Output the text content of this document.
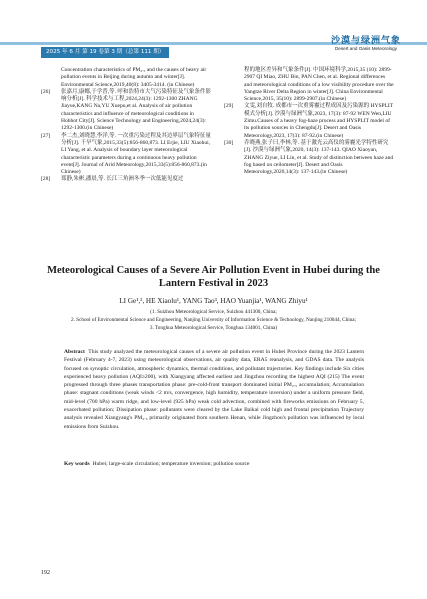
2025 年 6 月 第 19 卷第 3 期（总第 111 期）
沙漠与绿洲气象
Desert and Oasis Meteorology
Concentration characteristics of PM₂.₅ and the causes of heavy air pollution events in Beijing during autumn and winter[J]. Environmental Science,2019,40(8): 3405-3414. (in Chinese)
[26] 张嘉月,康娜,于学普,等. 呼和浩特市大气污染特征及气象条件影响分析[J]. 科学技术与工程,2024,24(3): 1292-1300 ZHANG Jiayue,KANG Na,YU Xuepu,et al. Analysis of air pollution characteristics and influence of meteorological conditions in Hohhot City[J]. Science Technology and Engineering,2024,24(3): 1292-1300.(in Chinese)
[27] 李二杰,刘晓慧,李洋,等. 一次重污染过程及其边界层气象特征量分析[J]. 干旱气象,2015,33(5):856-860,873. LI Erjie, LIU Xiaohui, LI Yang, et al. Analysis of boundary layer meteorological characteristic parameters during a continuous heavy pollution event[J]. Journal of Arid Meteorology,2015,33(5):856-860,873.(in Chinese)
[28] 郑静,朱彬,潘晨,等. 长江三角洲冬季一次低能见度过
程的地区差异和气象条件[J]. 中国环境科学,2015,35 (10): 2899-2907 QI Miao, ZHU Bin, PAN Chen, et al. Regional differences and meteorological conditions of a low visibility procedure over the Yangtze River Delta Region in winter[J]. China Environmental Science,2015, 35(10): 2899-2907.(in Chinese)
[29] 文雯,刘自牧. 成都市一次重雾霾过程成因及污染源的 HYSPLIT 模式分析[J]. 沙漠与绿洲气象,2023, 17(3): 87-92 WEN Wen,LIU Zimu.Causes of a heavy fog-haze process and HYSPLIT model of its pollution sources in Chengdu[J]. Desert and Oasis Meteorology,2023, 17(3): 87-92.(in Chinese)
[30] 乔晓燕,张子曰,李林,等. 基于激光云高仪的雾霾光学特性研究[J]. 沙漠与绿洲气象,2020, 14(3): 137-143. QIAO Xiaoyan, ZHANG Ziyue, LI Lin, et al. Study of distinction between haze and fog based on ceilometer[J]. Desert and Oasis Meteorology,2020,14(3): 137-143.(in Chinese)
Meteorological Causes of a Severe Air Pollution Event in Hubei during the Lantern Festival in 2023
LI Ge¹,², HE Xiaolu¹, YANG Tao³, HAO Yuanjia¹, WANG Zhiyu¹
(1. Suizhou Meteorological Service, Suizhou 441300, China;
2. School of Environmental Science and Engineering, Nanjing University of Information Science & Technology, Nanjing 210044, China;
3. Tonghua Meteorological Service, Tonghua 134001, China)
Abstract This study analyzed the meteorological causes of a severe air pollution event in Hubei Province during the 2023 Lantern Festival (February 4-7, 2023) using meteorological observations, air quality data, ERA5 reanalysis, and GDAS data. The analysis focused on synoptic circulation, atmospheric dynamics, thermal conditions, and pollutant trajectories. Key findings include Six cities experienced heavy pollution (AQI≥200), with Xiangyang affected earliest and Jingzhou recording the highest AQI (215) The event progressed through three phases transportation phase: pre-cold-front transport dominated initial PM₂.₅ accumulation; Accumulation phase: stagnant conditions (weak winds <2 m/s, convergence, high humidity, temperature inversion) under a uniform pressure field, mid-level (700 hPa) warm ridge, and low-level (925 hPa) weak cold advection, combined with fireworks emissions on February 5, exacerbated pollution; Dissipation phase: pollutants were cleared by the Lake Baikal cold high and frontal precipitation Trajectory analysis revealed Xiangyang's PM₂.₅ primarily originated from southern Henan, while Jingzhou's pollution was influenced by local emissions from Suizhou.
Key words Hubei; large-scale circulation; temperature inversion; pollution source
192
